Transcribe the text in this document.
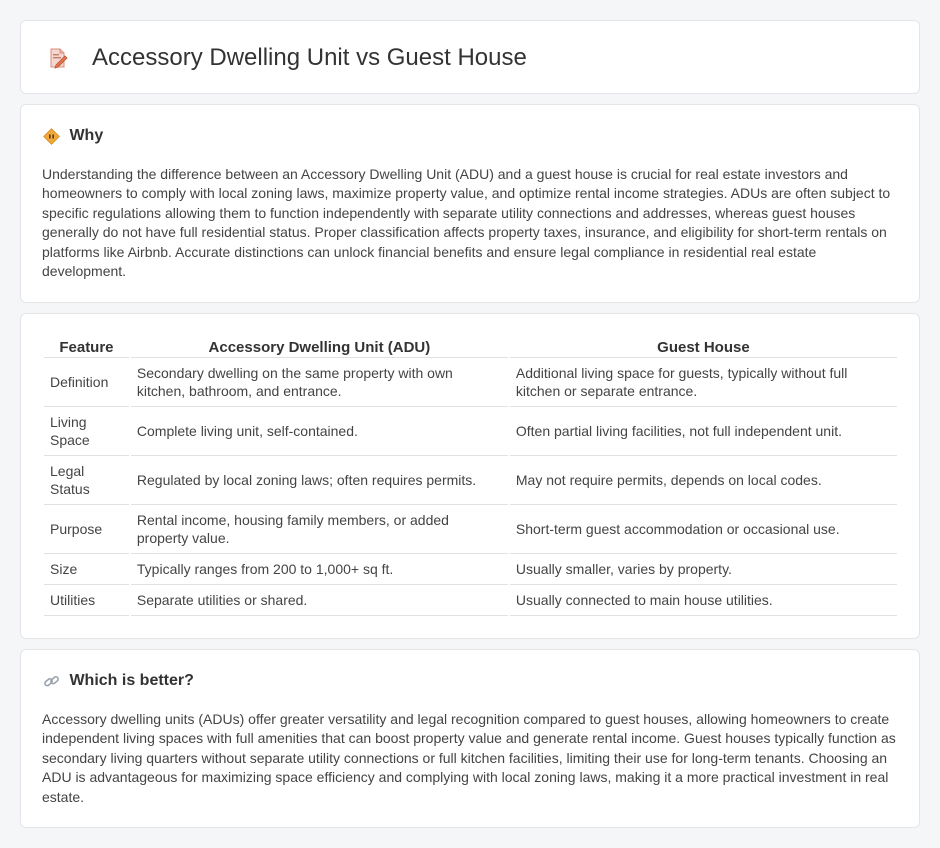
Accessory Dwelling Unit vs Guest House
Why

Understanding the difference between an Accessory Dwelling Unit (ADU) and a guest house is crucial for real estate investors and homeowners to comply with local zoning laws, maximize property value, and optimize rental income strategies. ADUs are often subject to specific regulations allowing them to function independently with separate utility connections and addresses, whereas guest houses generally do not have full residential status. Proper classification affects property taxes, insurance, and eligibility for short-term rentals on platforms like Airbnb. Accurate distinctions can unlock financial benefits and ensure legal compliance in residential real estate development.

Feature	Accessory Dwelling Unit (ADU)	Guest House
Definition	Secondary dwelling on the same property with own kitchen, bathroom, and entrance.	Additional living space for guests, typically without full kitchen or separate entrance.
Living Space	Complete living unit, self-contained.	Often partial living facilities, not full independent unit.
Legal Status	Regulated by local zoning laws; often requires permits.	May not require permits, depends on local codes.
Purpose	Rental income, housing family members, or added property value.	Short-term guest accommodation or occasional use.
Size	Typically ranges from 200 to 1,000+ sq ft.	Usually smaller, varies by property.
Utilities	Separate utilities or shared.	Usually connected to main house utilities.
Which is better?

Accessory dwelling units (ADUs) offer greater versatility and legal recognition compared to guest houses, allowing homeowners to create independent living spaces with full amenities that can boost property value and generate rental income. Guest houses typically function as secondary living quarters without separate utility connections or full kitchen facilities, limiting their use for long-term tenants. Choosing an ADU is advantageous for maximizing space efficiency and complying with local zoning laws, making it a more practical investment in real estate.
